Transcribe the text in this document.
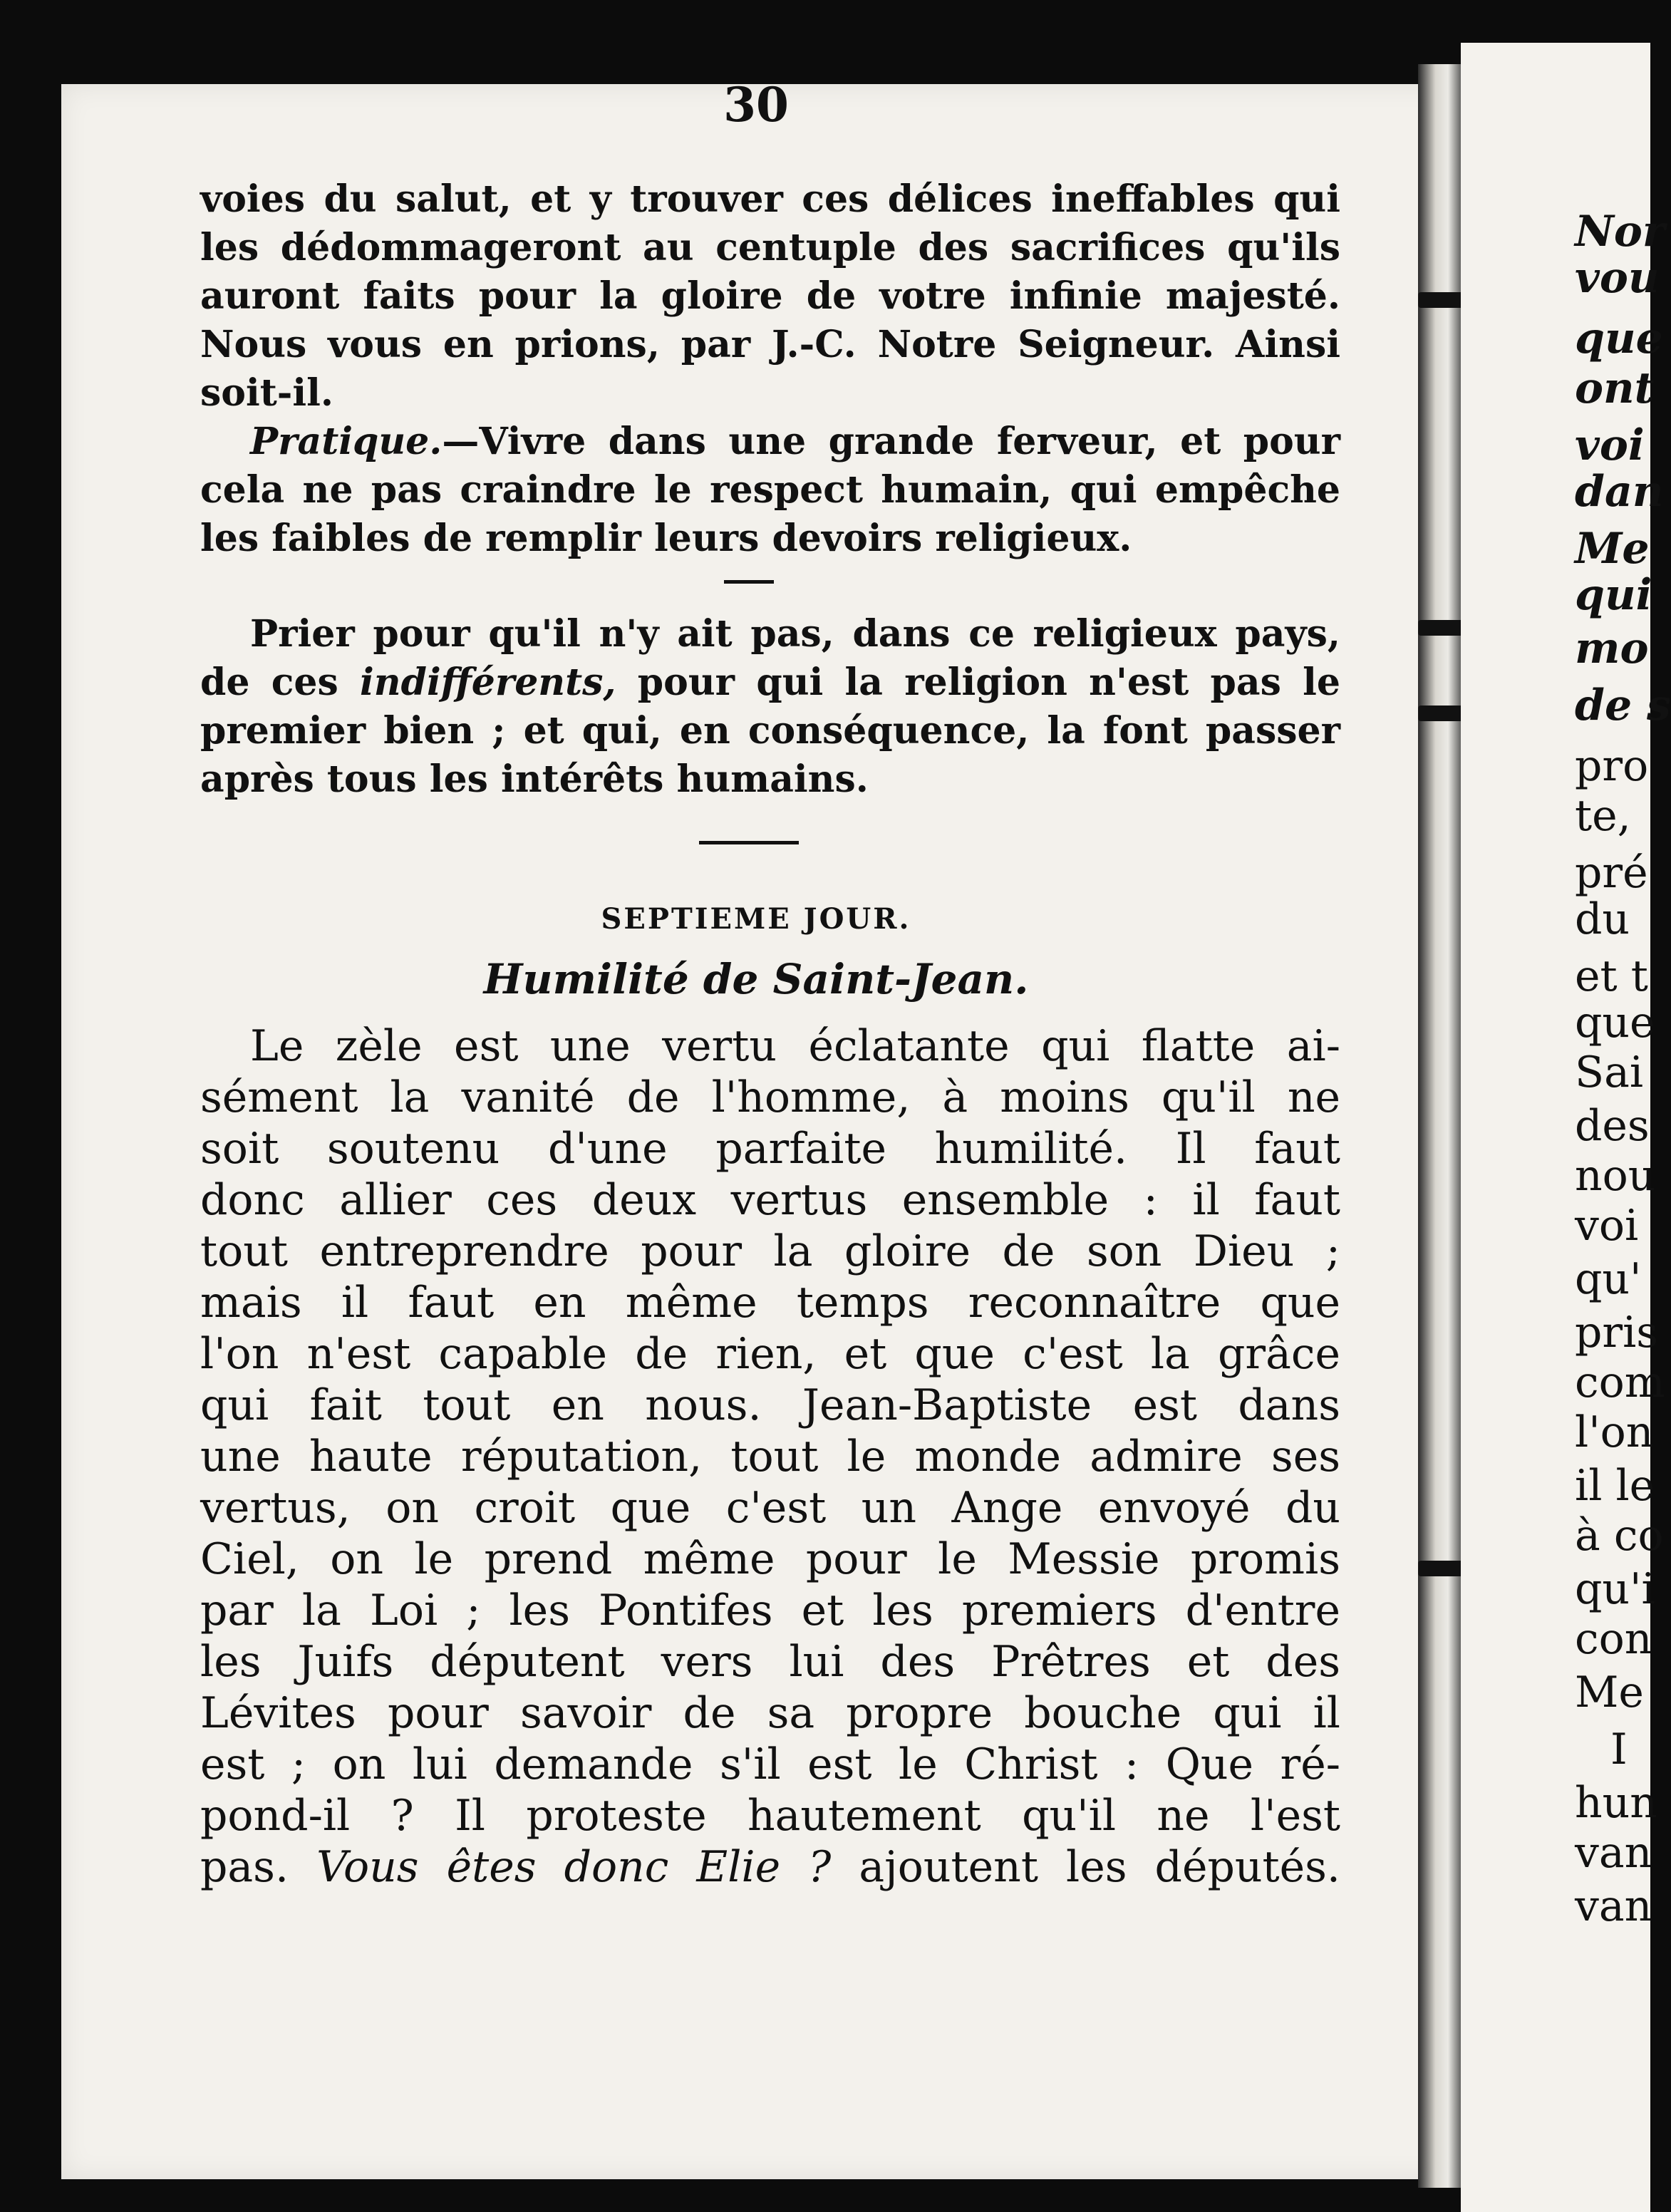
30
voies du salut, et y trouver ces délices ineffables qui
les dédommageront au centuple des sacrifices qu'ils
auront faits pour la gloire de votre infinie majesté.
Nous vous en prions, par J.-C. Notre Seigneur. Ainsi
soit-il.
Pratique.—Vivre dans une grande ferveur, et pour
cela ne pas craindre le respect humain, qui empêche
les faibles de remplir leurs devoirs religieux.
Prier pour qu'il n'y ait pas, dans ce religieux pays,
de ces indifférents, pour qui la religion n'est pas le
premier bien ; et qui, en conséquence, la font passer
après tous les intérêts humains.
SEPTIEME JOUR.
Humilité de Saint-Jean.
Le zèle est une vertu éclatante qui flatte ai-
sément la vanité de l'homme, à moins qu'il ne
soit soutenu d'une parfaite humilité. Il faut
donc allier ces deux vertus ensemble : il faut
tout entreprendre pour la gloire de son Dieu ;
mais il faut en même temps reconnaître que
l'on n'est capable de rien, et que c'est la grâce
qui fait tout en nous. Jean-Baptiste est dans
une haute réputation, tout le monde admire ses
vertus, on croit que c'est un Ange envoyé du
Ciel, on le prend même pour le Messie promis
par la Loi ; les Pontifes et les premiers d'entre
les Juifs députent vers lui des Prêtres et des
Lévites pour savoir de sa propre bouche qui il
est ; on lui demande s'il est le Christ : Que ré-
pond-il ? Il proteste hautement qu'il ne l'est
pas. Vous êtes donc Elie ? ajoutent les députés.
Nor
vou
que
ont
voi
dan
Me
qui
mo
de s
pro
te,
pré
du
et t
que
Sai
des
nou
voi
qu'
pris
com
l'on
il le
à co
qu'i
con
Me
I
hun
van
van
